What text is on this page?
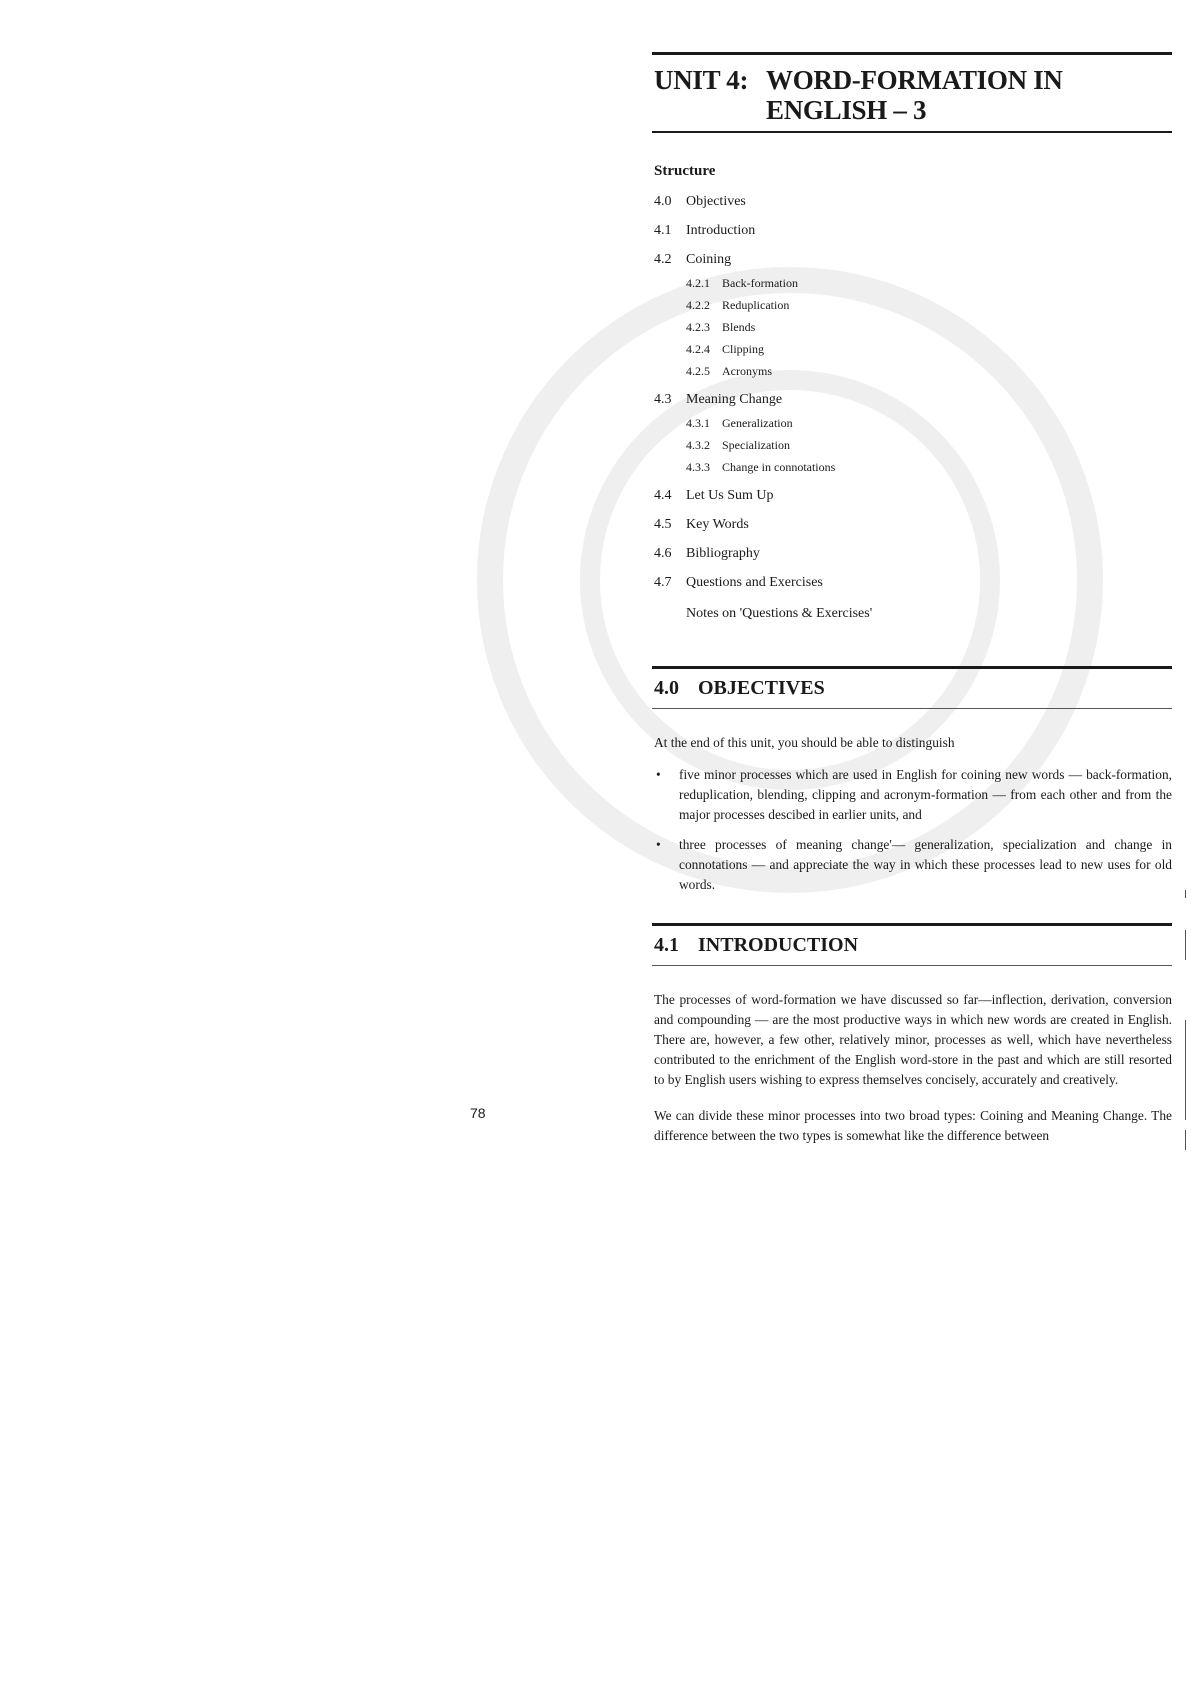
78
UNIT 4: WORD-FORMATION IN
ENGLISH – 3
Structure
4.0	Objectives
4.1	Introduction
4.2	Coining
4.2.1	Back-formation
4.2.2	Reduplication
4.2.3	Blends
4.2.4	Clipping
4.2.5	Acronyms
4.3	Meaning Change
4.3.1	Generalization
4.3.2	Specialization
4.3.3	Change in connotations
4.4	Let Us Sum Up
4.5	Key Words
4.6	Bibliography
4.7	Questions and Exercises
Notes on 'Questions & Exercises'
4.0 OBJECTIVES
At the end of this unit, you should be able to distinguish
•	five minor processes which are used in English for coining new words — back-formation, reduplication, blending, clipping and acronym-formation — from each other and from the major processes descibed in earlier units, and
•	three processes of meaning change'— generalization, specialization and change in connotations — and appreciate the way in which these processes lead to new uses for old words.
4.1 INTRODUCTION
The processes of word-formation we have discussed so far—inflection, derivation, conversion and compounding — are the most productive ways in which new words are created in English. There are, however, a few other, relatively minor, processes as well, which have nevertheless contributed to the enrichment of the English word-store in the past and which are still resorted to by English users wishing to express themselves concisely, accurately and creatively.
We can divide these minor processes into two broad types: Coining and Meaning Change. The difference between the two types is somewhat like the difference between
